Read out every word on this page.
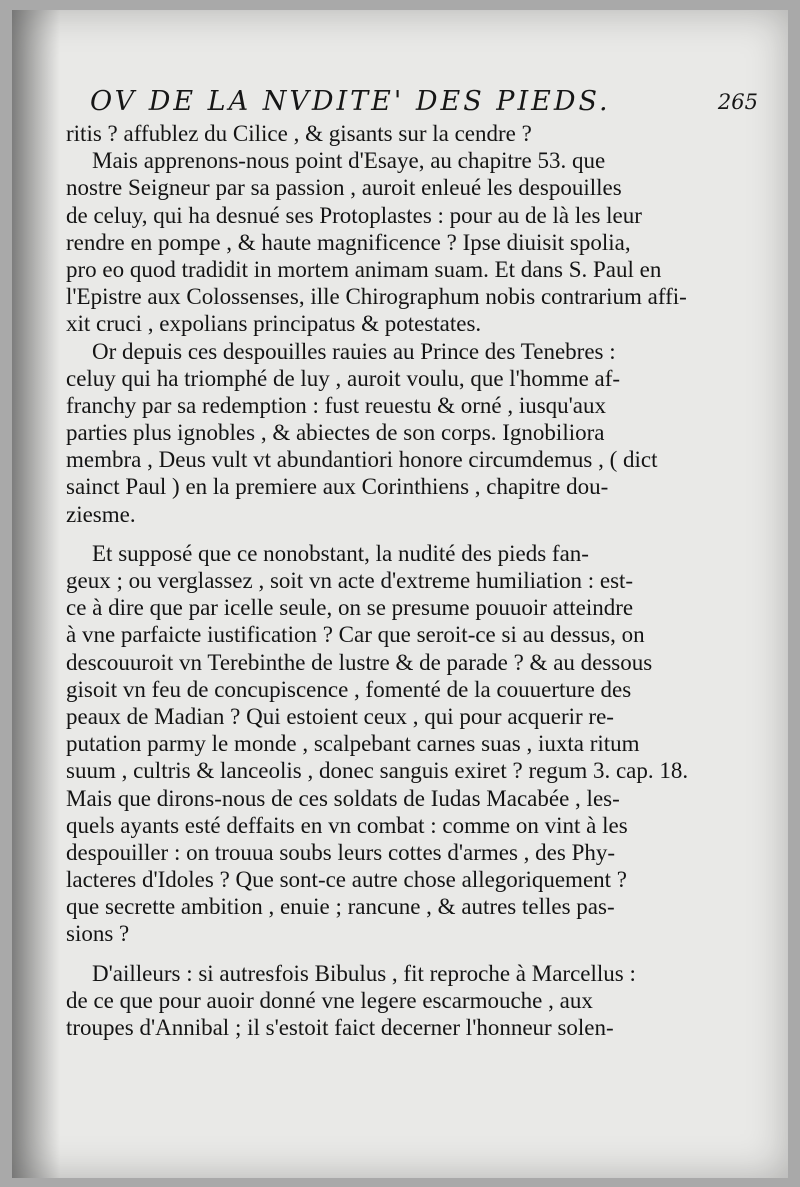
OV DE LA NVDITE' DES PIEDS.	265
ritis ? affublez du Cilice , & gisants sur la cendre ?
Mais apprenons-nous point d'Esaye, au chapitre 53. que
nostre Seigneur par sa passion , auroit enleué les despouilles
de celuy, qui ha desnué ses Protoplastes : pour au de là les leur
rendre en pompe , & haute magnificence ? Ipse diuisit spolia,
pro eo quod tradidit in mortem animam suam. Et dans S. Paul en
l'Epistre aux Colossenses, ille Chirographum nobis contrarium affi-
xit cruci , expolians principatus & potestates.
Or depuis ces despouilles rauies au Prince des Tenebres :
celuy qui ha triomphé de luy , auroit voulu, que l'homme af-
franchy par sa redemption : fust reuestu & orné , iusqu'aux
parties plus ignobles , & abiectes de son corps. Ignobiliora
membra , Deus vult vt abundantiori honore circumdemus , ( dict
sainct Paul ) en la premiere aux Corinthiens , chapitre dou-
ziesme.
Et supposé que ce nonobstant, la nudité des pieds fan-
geux ; ou verglassez , soit vn acte d'extreme humiliation : est-
ce à dire que par icelle seule, on se presume pouuoir atteindre
à vne parfaicte iustification ? Car que seroit-ce si au dessus, on
descouuroit vn Terebinthe de lustre & de parade ? & au dessous
gisoit vn feu de concupiscence , fomenté de la couuerture des
peaux de Madian ? Qui estoient ceux , qui pour acquerir re-
putation parmy le monde , scalpebant carnes suas , iuxta ritum
suum , cultris & lanceolis , donec sanguis exiret ? regum 3. cap. 18.
Mais que dirons-nous de ces soldats de Iudas Macabée , les-
quels ayants esté deffaits en vn combat : comme on vint à les
despouiller : on trouua soubs leurs cottes d'armes , des Phy-
lacteres d'Idoles ? Que sont-ce autre chose allegoriquement ?
que secrette ambition , enuie ; rancune , & autres telles pas-
sions ?
D'ailleurs : si autresfois Bibulus , fit reproche à Marcellus :
de ce que pour auoir donné vne legere escarmouche , aux
troupes d'Annibal ; il s'estoit faict decerner l'honneur solen-
